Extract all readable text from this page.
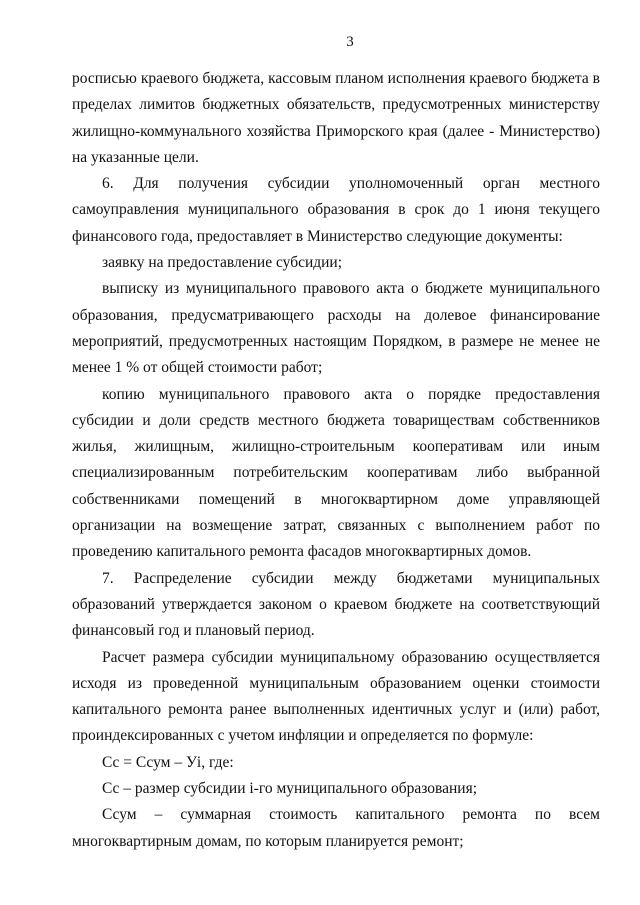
3

росписью краевого бюджета, кассовым планом исполнения краевого бюджета в пределах лимитов бюджетных обязательств, предусмотренных министерству жилищно-коммунального хозяйства Приморского края (далее - Министерство) на указанные цели.

6. Для получения субсидии уполномоченный орган местного самоуправления муниципального образования в срок до 1 июня текущего финансового года, предоставляет в Министерство следующие документы:

заявку на предоставление субсидии;

выписку из муниципального правового акта о бюджете муниципального образования, предусматривающего расходы на долевое финансирование мероприятий, предусмотренных настоящим Порядком, в размере не менее не менее 1 % от общей стоимости работ;

копию муниципального правового акта о порядке предоставления субсидии и доли средств местного бюджета товариществам собственников жилья, жилищным, жилищно-строительным кооперативам или иным специализированным потребительским кооперативам либо выбранной собственниками помещений в многоквартирном доме управляющей организации на возмещение затрат, связанных с выполнением работ по проведению капитального ремонта фасадов многоквартирных домов.

7. Распределение субсидии между бюджетами муниципальных образований утверждается законом о краевом бюджете на соответствующий финансовый год и плановый период.

Расчет размера субсидии муниципальному образованию осуществляется исходя из проведенной муниципальным образованием оценки стоимости капитального ремонта ранее выполненных идентичных услуг и (или) работ, проиндексированных с учетом инфляции и определяется по формуле:

Сс = Ссум – Уi, где:

Сс – размер субсидии i-го муниципального образования;

Ссум – суммарная стоимость капитального ремонта по всем многоквартирным домам, по которым планируется ремонт;
